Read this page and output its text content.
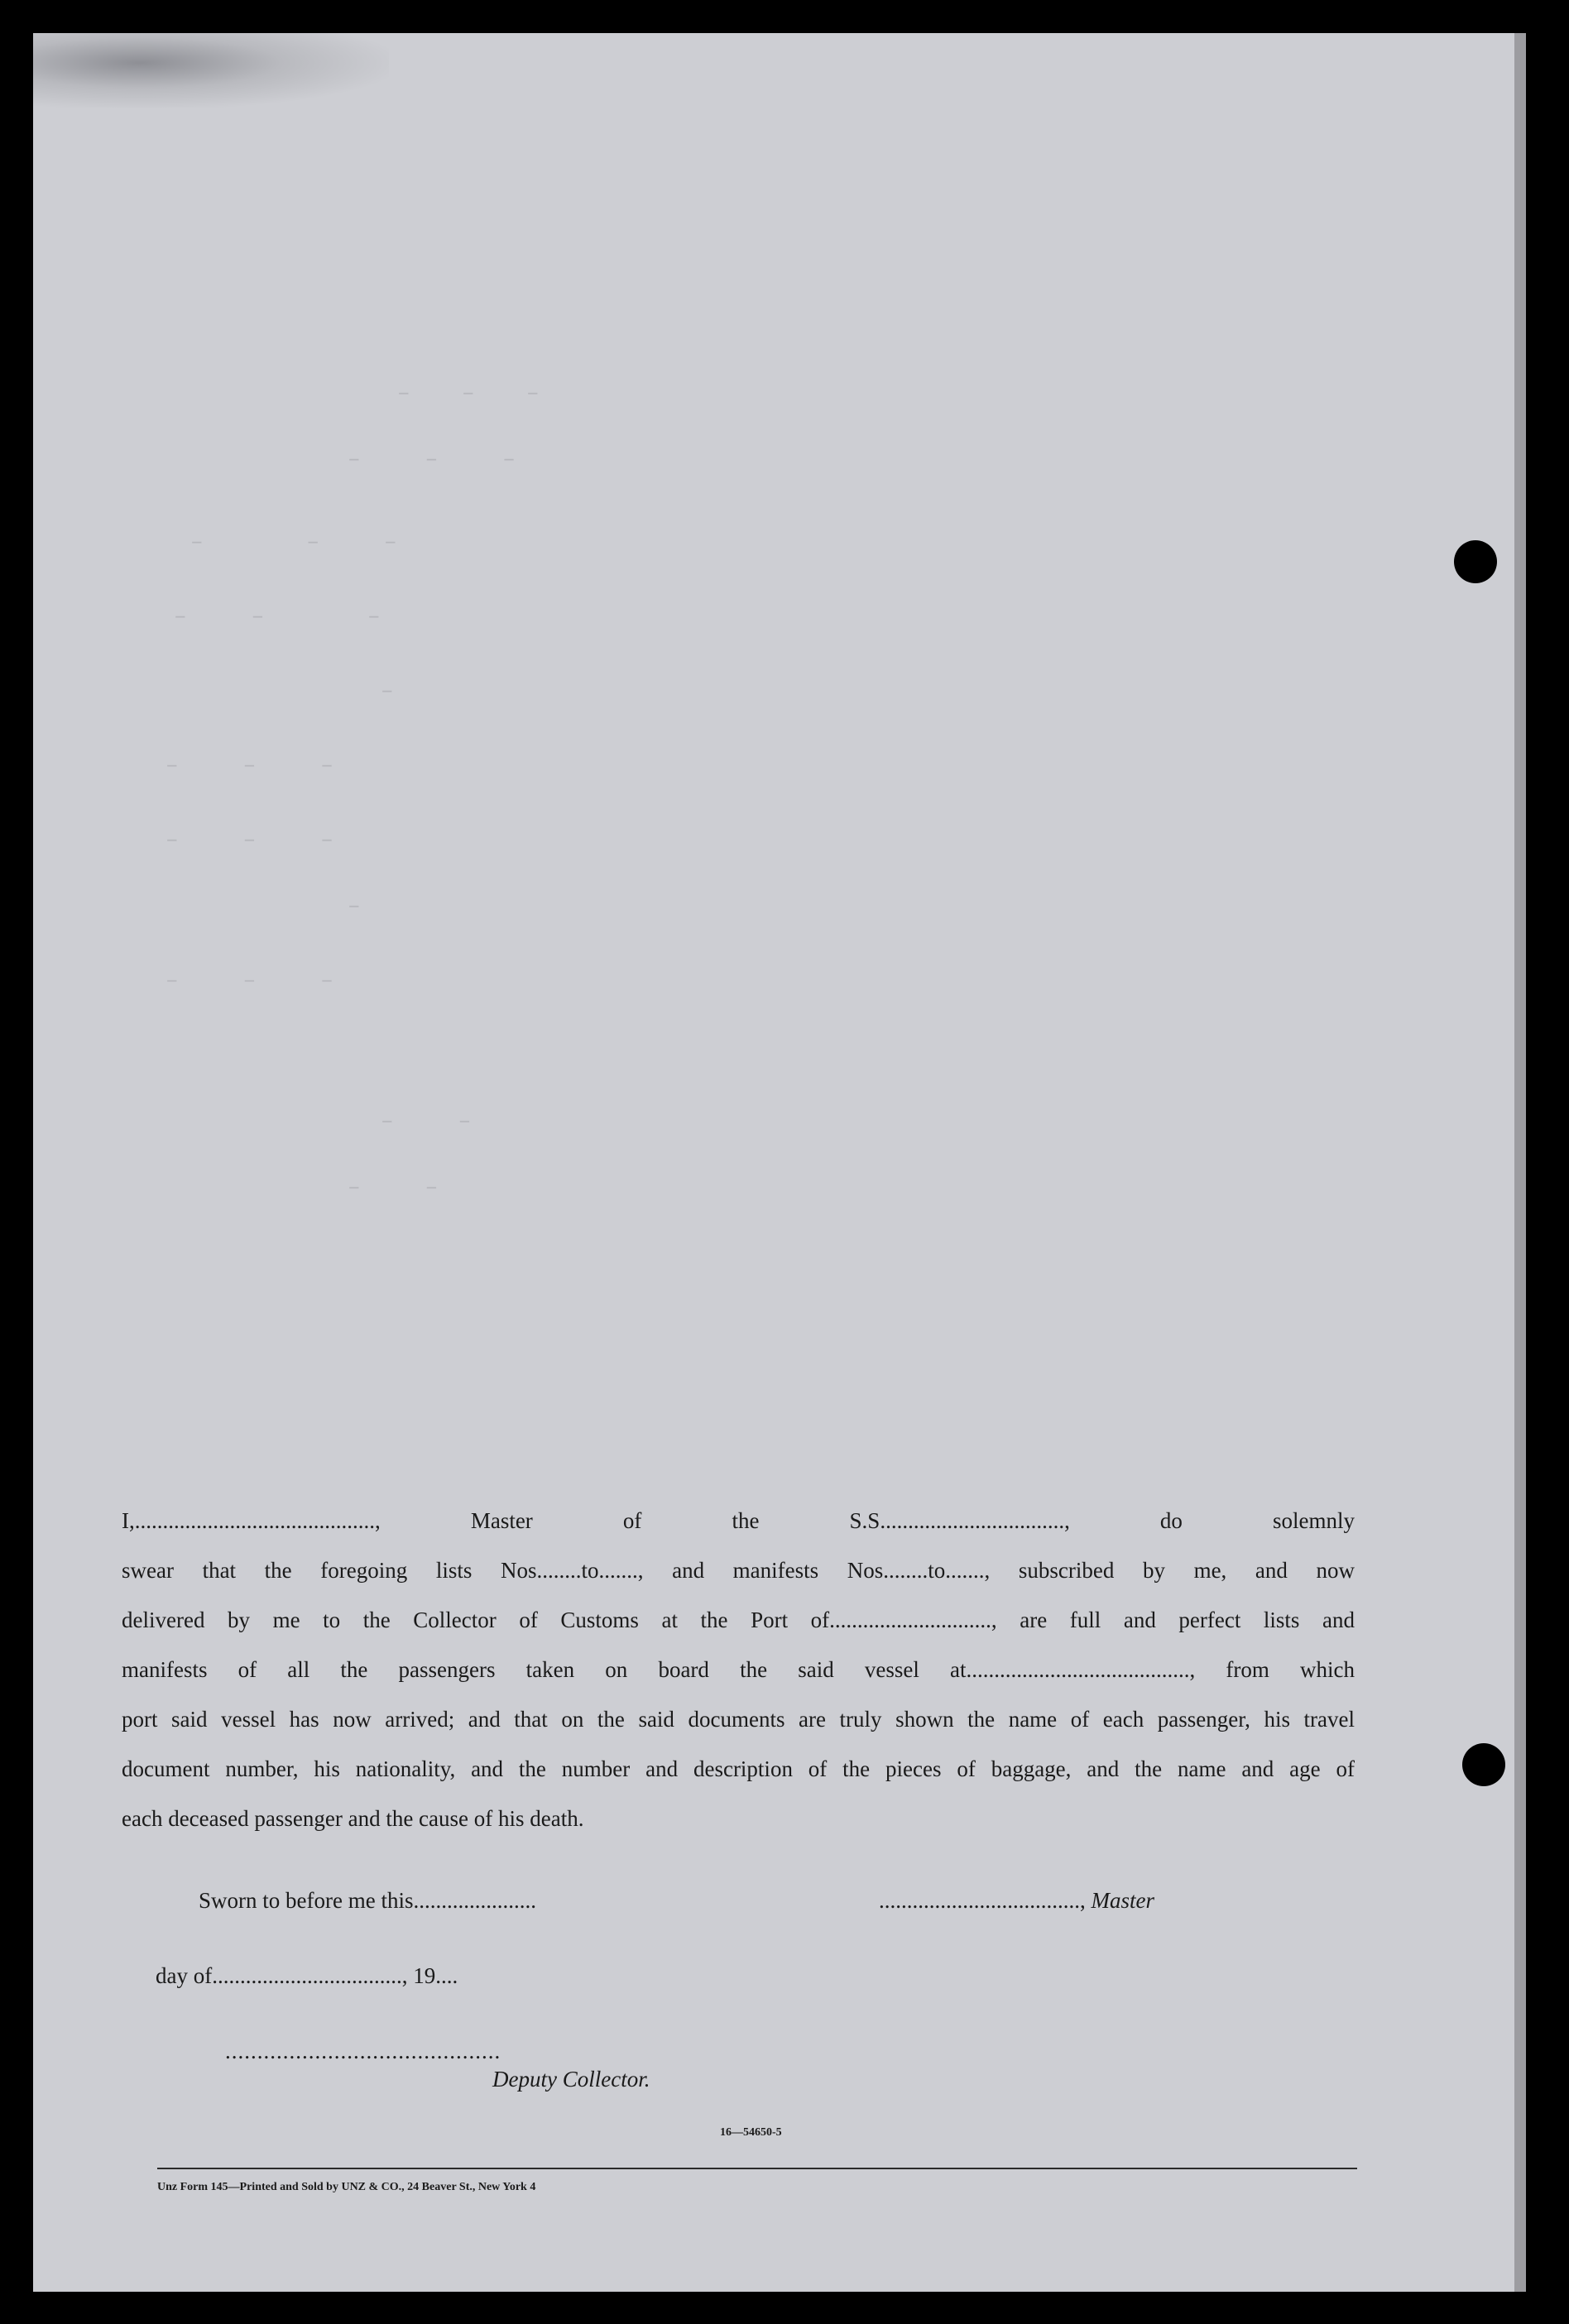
–    –    –
–     –     –
–        –     –
–     –        –
–
–     –     –
–     –     –
–
–     –     –
–     –
–     –

I,..........................................., Master of the S.S................................., do solemnly

swear that the foregoing lists Nos........to......., and manifests Nos........to......., subscribed by me, and now

delivered by me to the Collector of Customs at the Port of............................., are full and perfect lists and

manifests of all the passengers taken on board the said vessel at........................................, from which

port said vessel has now arrived; and that on the said documents are truly shown the name of each passenger, his travel

document number, his nationality, and the number and description of the pieces of baggage, and the name and age of

each deceased passenger and the cause of his death.

Sworn to before me this......................	...................................., Master
day of.................................., 19....
...........................................
Deputy Collector.
16—54650-5
Unz Form 145—Printed and Sold by UNZ & CO., 24 Beaver St., New York 4
